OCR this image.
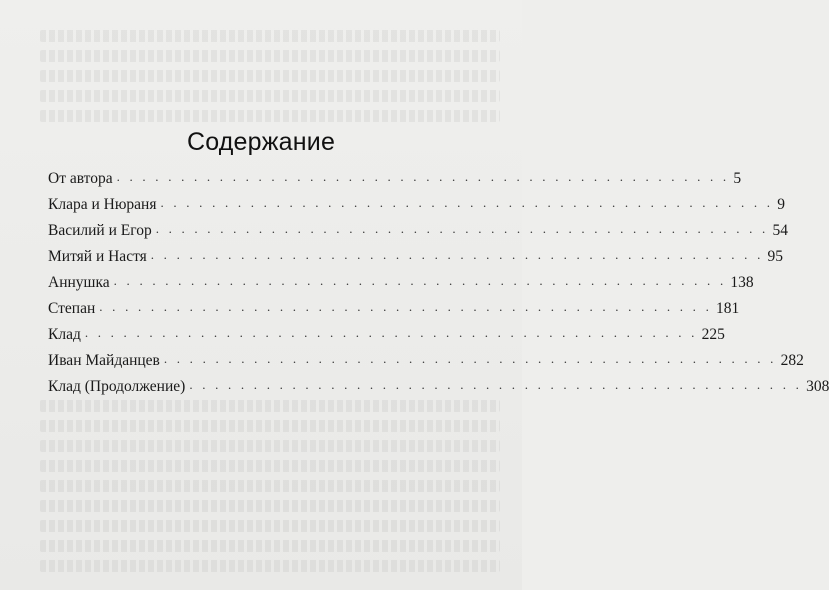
Содержание
От автора . . . . . . . . . . . . . . . . . . . . . . . . . . . . . . . . . . . . . . . . . . . . . . . . 5
Клара и Нюраня . . . . . . . . . . . . . . . . . . . . . . . . . . . . . . . . . . . . . . . . . . . . . . . . 9
Василий и Егор . . . . . . . . . . . . . . . . . . . . . . . . . . . . . . . . . . . . . . . . . . . . . . . . 54
Митяй и Настя . . . . . . . . . . . . . . . . . . . . . . . . . . . . . . . . . . . . . . . . . . . . . . . . 95
Аннушка . . . . . . . . . . . . . . . . . . . . . . . . . . . . . . . . . . . . . . . . . . . . . . . . 138
Степан . . . . . . . . . . . . . . . . . . . . . . . . . . . . . . . . . . . . . . . . . . . . . . . . 181
Клад . . . . . . . . . . . . . . . . . . . . . . . . . . . . . . . . . . . . . . . . . . . . . . . . 225
Иван Майданцев . . . . . . . . . . . . . . . . . . . . . . . . . . . . . . . . . . . . . . . . . . . . . . . . 282
Клад (Продолжение) . . . . . . . . . . . . . . . . . . . . . . . . . . . . . . . . . . . . . . . . . . . . . . . . 308
